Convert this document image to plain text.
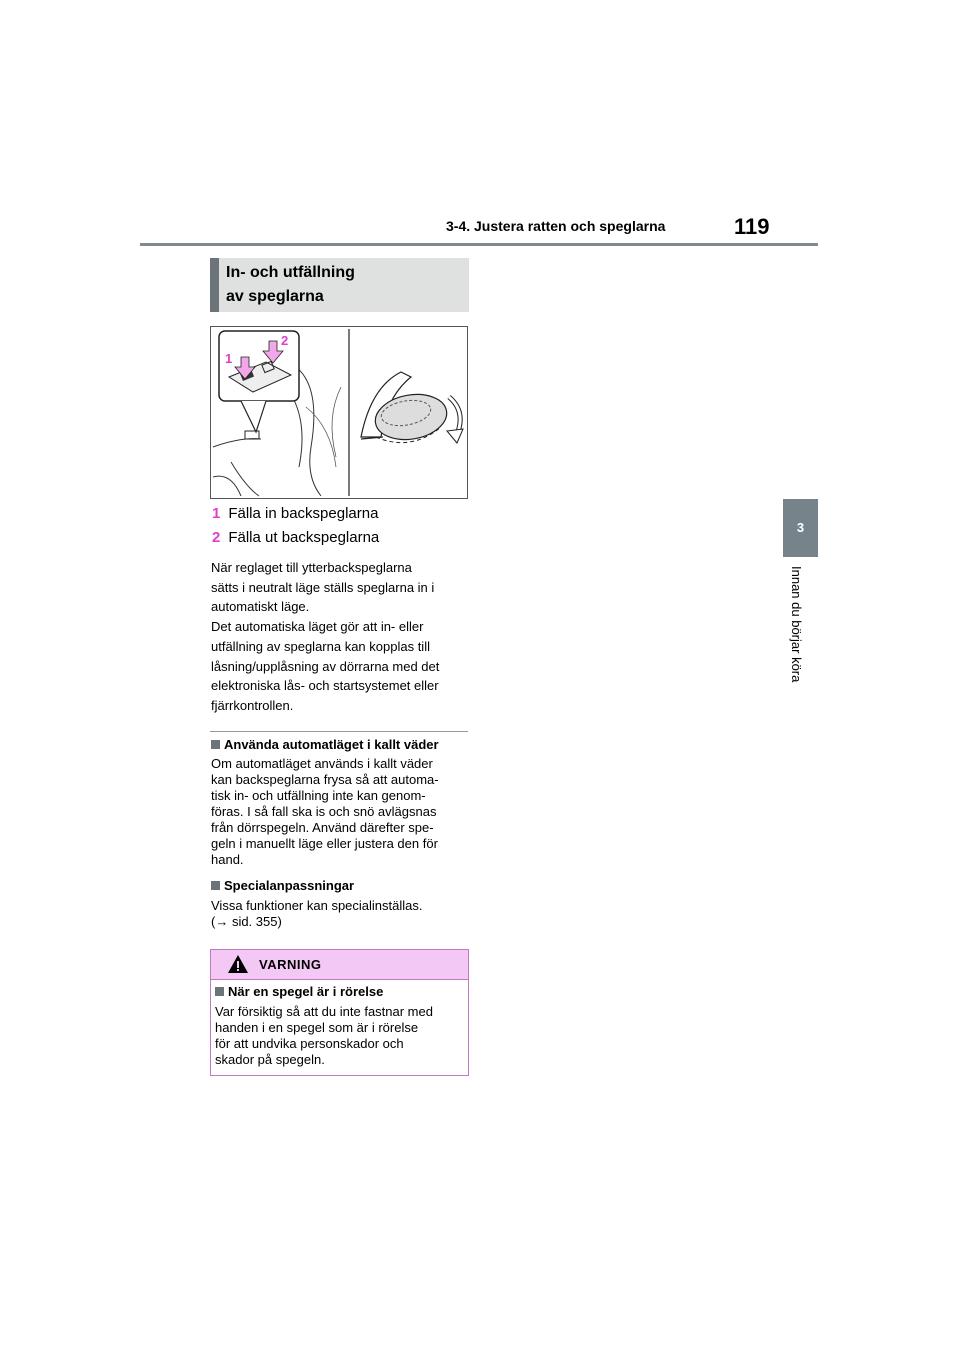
3-4. Justera ratten och speglarna	119
3
Innan du börjar köra
In- och utfällning
av speglarna
1
2
1 Fälla in backspeglarna
2 Fälla ut backspeglarna
När reglaget till ytterbackspeglarna
sätts i neutralt läge ställs speglarna in i
automatiskt läge.
Det automatiska läget gör att in- eller
utfällning av speglarna kan kopplas till
låsning/upplåsning av dörrarna med det
elektroniska lås- och startsystemet eller
fjärrkontrollen.
Använda automatläget i kallt väder
Om automatläget används i kallt väder
kan backspeglarna frysa så att automa-
tisk in- och utfällning inte kan genom-
föras. I så fall ska is och snö avlägsnas
från dörrspegeln. Använd därefter spe-
geln i manuellt läge eller justera den för
hand.
Specialanpassningar
Vissa funktioner kan specialinställas.
(→ sid. 355)
VARNING
När en spegel är i rörelse
Var försiktig så att du inte fastnar med
handen i en spegel som är i rörelse
för att undvika personskador och
skador på spegeln.
